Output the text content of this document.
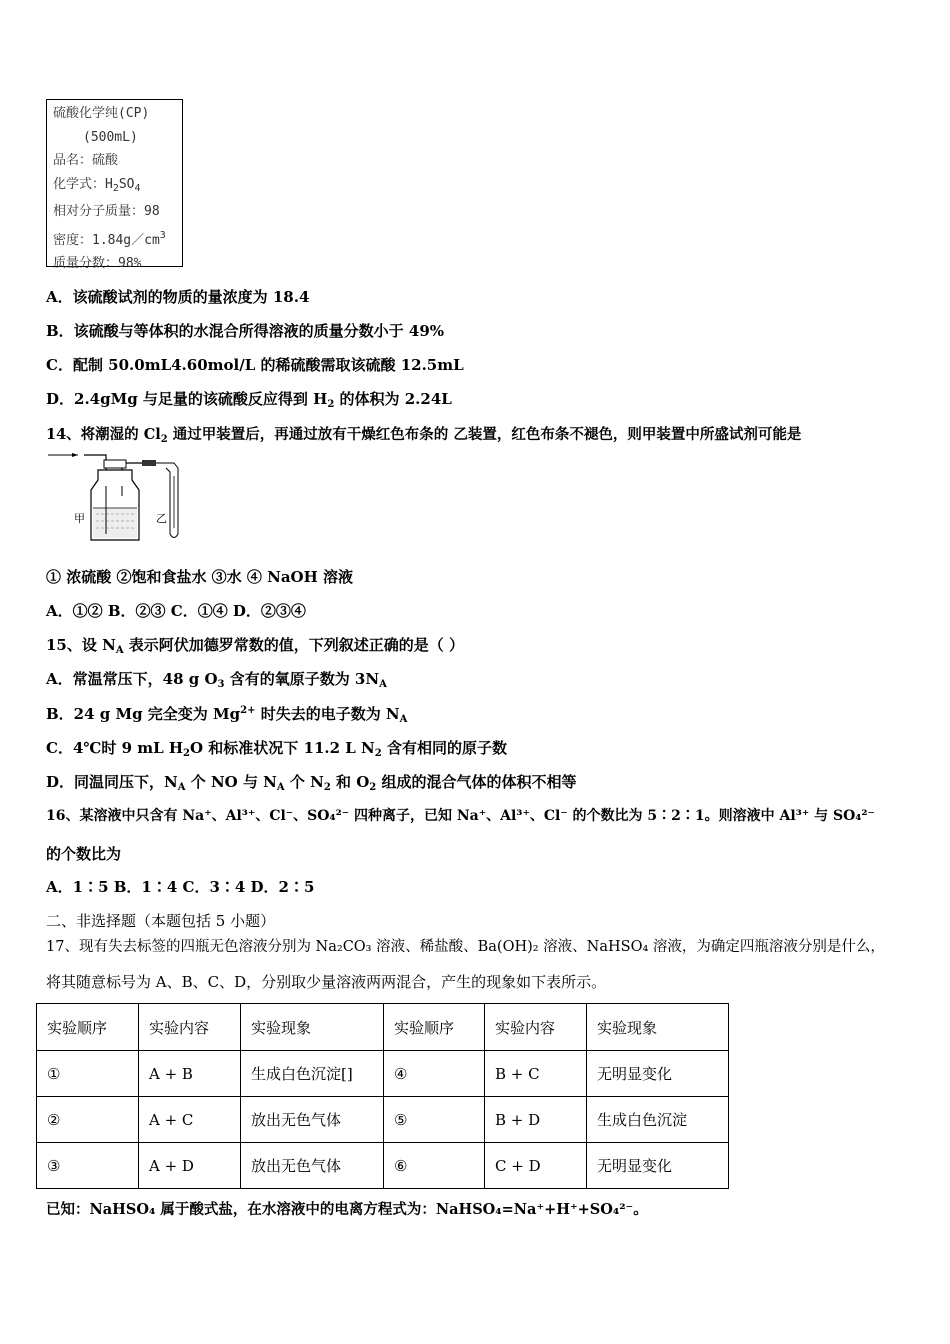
硫酸化学纯(CP)
(500mL)
品名：硫酸
化学式：$H_2SO_4$
相对分子质量：98
密度：$1.84g/cm^3$
质量分数：98%
A．该硫酸试剂的物质的量浓度为 18.4
B．该硫酸与等体积的水混合所得溶液的质量分数小于 49%
C．配制 50.0mL4.60mol/L 的稀硫酸需取该硫酸 12.5mL
D．2.4gMg 与足量的该硫酸反应得到 $H_2$ 的体积为 2.24L
14、将潮湿的 $Cl_2$ 通过甲装置后，再通过放有干燥红色布条的 乙装置，红色布条不褪色，则甲装置中所盛试剂可能是
甲	乙
① 浓硫酸 ②饱和食盐水 ③水 ④ NaOH 溶液
A．①② B．②③ C．①④ D．②③④
15、设 $N_A$ 表示阿伏加德罗常数的值，下列叙述正确的是（ ）
A．常温常压下，48 g $O_3$ 含有的氧原子数为 $3N_A$
B．24 g Mg 完全变为 $Mg^{2+}$ 时失去的电子数为 $N_A$
C．4℃时 9 mL $H_2O$ 和标准状况下 11.2 L $N_2$ 含有相同的原子数
D．同温同压下，$N_A$ 个 NO 与 $N_A$ 个 $N_2$ 和 $O_2$ 组成的混合气体的体积不相等
16、某溶液中只含有 Na⁺、Al³⁺、Cl⁻、SO₄²⁻ 四种离子，已知 Na⁺、Al³⁺、Cl⁻ 的个数比为 5∶2∶1。则溶液中 Al³⁺ 与 SO₄²⁻
的个数比为
A．1∶5 B．1∶4 C．3∶4 D．2∶5
二、非选择题（本题包括 5 小题）
17、现有失去标签的四瓶无色溶液分别为 Na₂CO₃ 溶液、稀盐酸、Ba(OH)₂ 溶液、NaHSO₄ 溶液，为确定四瓶溶液分别是什么，
将其随意标号为 A、B、C、D，分别取少量溶液两两混合，产生的现象如下表所示。
实验顺序	实验内容	实验现象	实验顺序	实验内容	实验现象
①	A + B	生成白色沉淀[]	④	B + C	无明显变化
②	A + C	放出无色气体	⑤	B + D	生成白色沉淀
③	A + D	放出无色气体	⑥	C + D	无明显变化
已知：NaHSO₄ 属于酸式盐，在水溶液中的电离方程式为：NaHSO₄=Na⁺+H⁺+SO₄²⁻。
